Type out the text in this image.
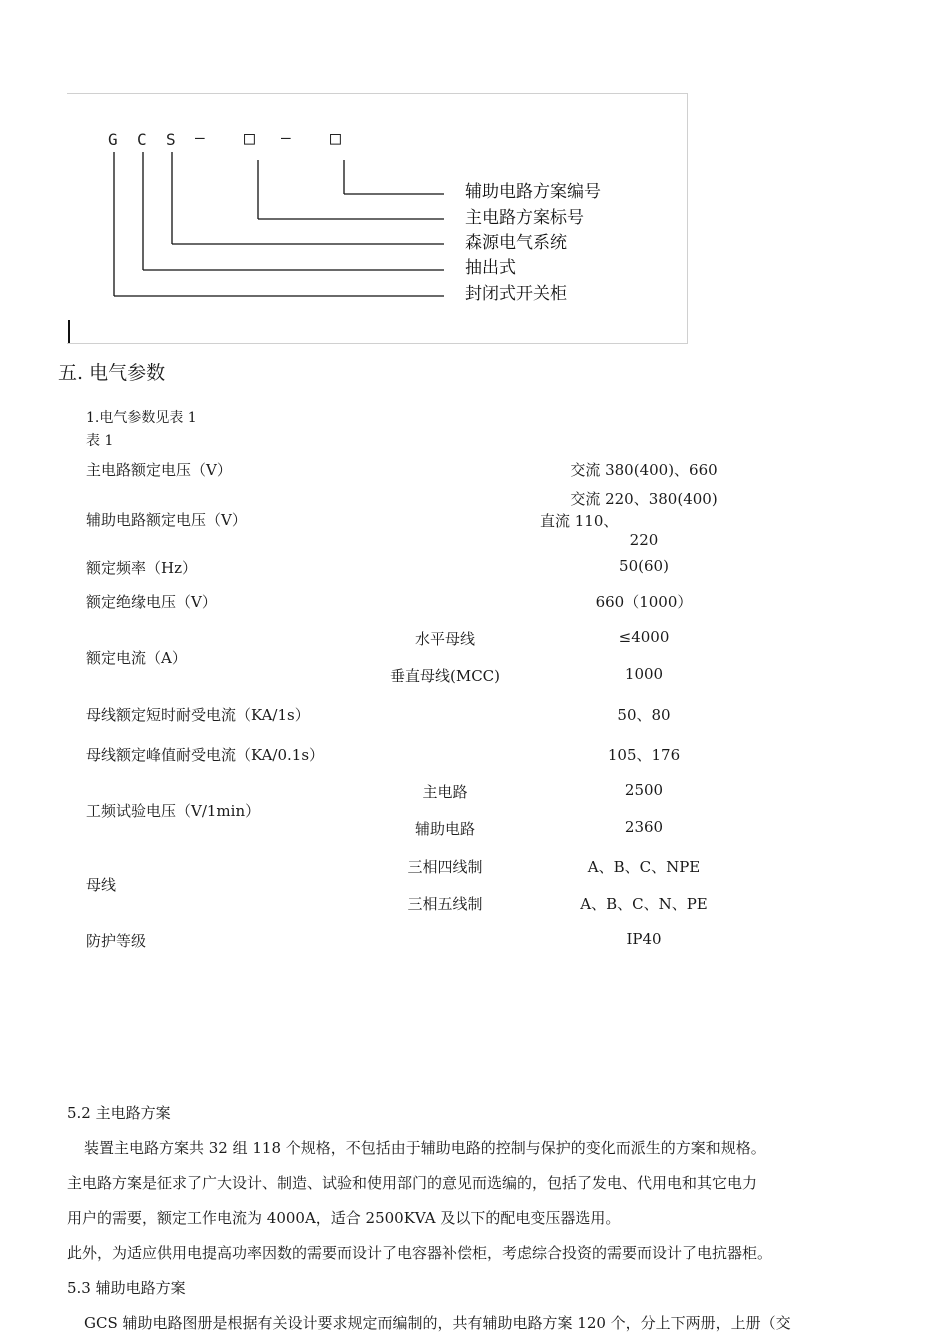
G C S — □ — □
辅助电路方案编号
主电路方案标号
森源电气系统
抽出式
封闭式开关柜
五. 电气参数
1.电气参数见表 1
表 1
主电路额定电压（V）	交流 380(400)、660
辅助电路额定电压（V）
交流 220、380(400)
直流 110、
220
额定频率（Hz）	50(60)
额定绝缘电压（V）	660（1000）
额定电流（A）
水平母线	≤4000
垂直母线(MCC)	1000
母线额定短时耐受电流（KA/1s）	50、80
母线额定峰值耐受电流（KA/0.1s）	105、176
工频试验电压（V/1min）
主电路	2500
辅助电路	2360
母线
三相四线制	A、B、C、NPE
三相五线制	A、B、C、N、PE
防护等级	IP40
5.2 主电路方案
装置主电路方案共 32 组 118 个规格，不包括由于辅助电路的控制与保护的变化而派生的方案和规格。
主电路方案是征求了广大设计、制造、试验和使用部门的意见而选编的，包括了发电、代用电和其它电力
用户的需要，额定工作电流为 4000A，适合 2500KVA 及以下的配电变压器选用。
此外，为适应供用电提高功率因数的需要而设计了电容器补偿柜，考虑综合投资的需要而设计了电抗器柜。
5.3 辅助电路方案
GCS 辅助电路图册是根据有关设计要求规定而编制的，共有辅助电路方案 120 个，分上下两册，上册（交
